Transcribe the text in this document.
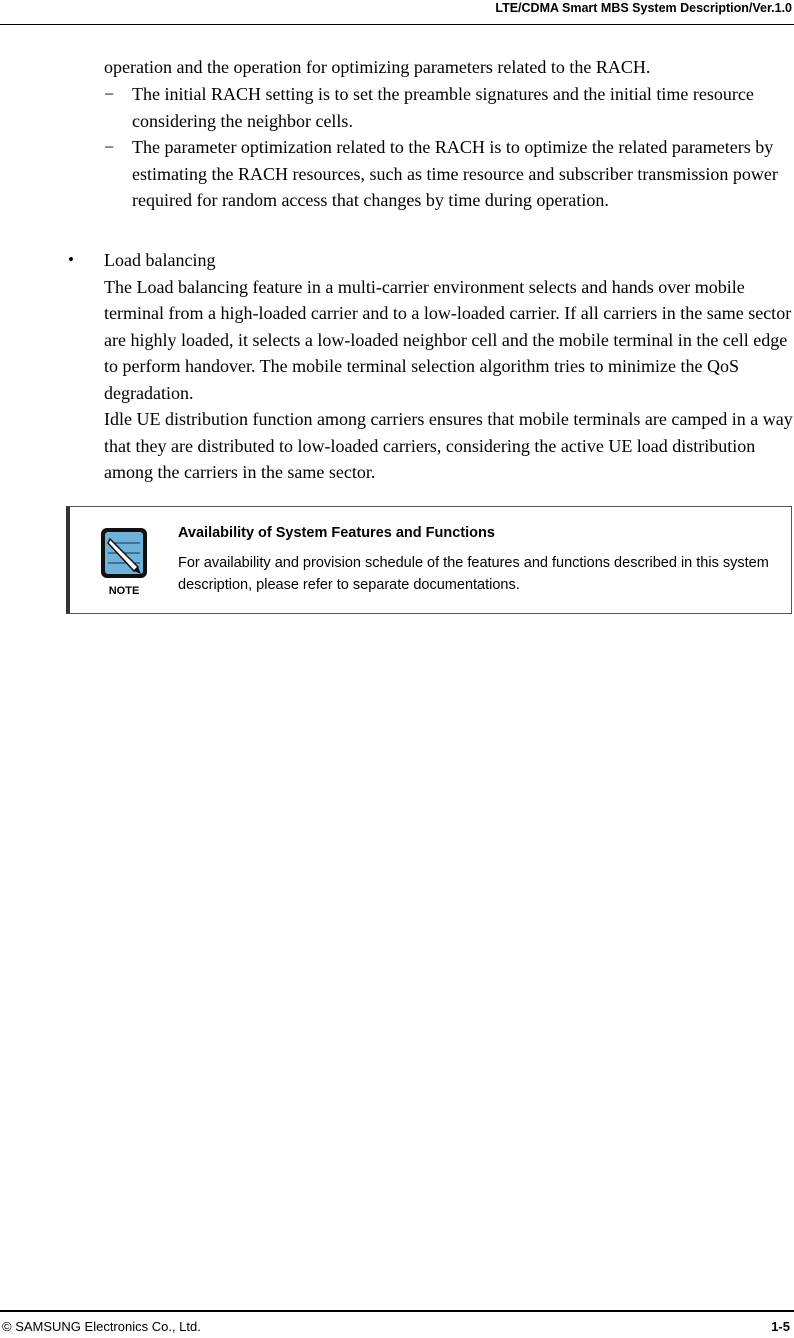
LTE/CDMA Smart MBS System Description/Ver.1.0
operation and the operation for optimizing parameters related to the RACH.
− The initial RACH setting is to set the preamble signatures and the initial time resource considering the neighbor cells.
− The parameter optimization related to the RACH is to optimize the related parameters by estimating the RACH resources, such as time resource and subscriber transmission power required for random access that changes by time during operation.
• Load balancing

The Load balancing feature in a multi-carrier environment selects and hands over mobile terminal from a high-loaded carrier and to a low-loaded carrier. If all carriers in the same sector are highly loaded, it selects a low-loaded neighbor cell and the mobile terminal in the cell edge to perform handover. The mobile terminal selection algorithm tries to minimize the QoS degradation.

Idle UE distribution function among carriers ensures that mobile terminals are camped in a way that they are distributed to low-loaded carriers, considering the active UE load distribution among the carriers in the same sector.

NOTE
Availability of System Features and Functions
For availability and provision schedule of the features and functions described in this system description, please refer to separate documentations.
© SAMSUNG Electronics Co., Ltd.	1-5
